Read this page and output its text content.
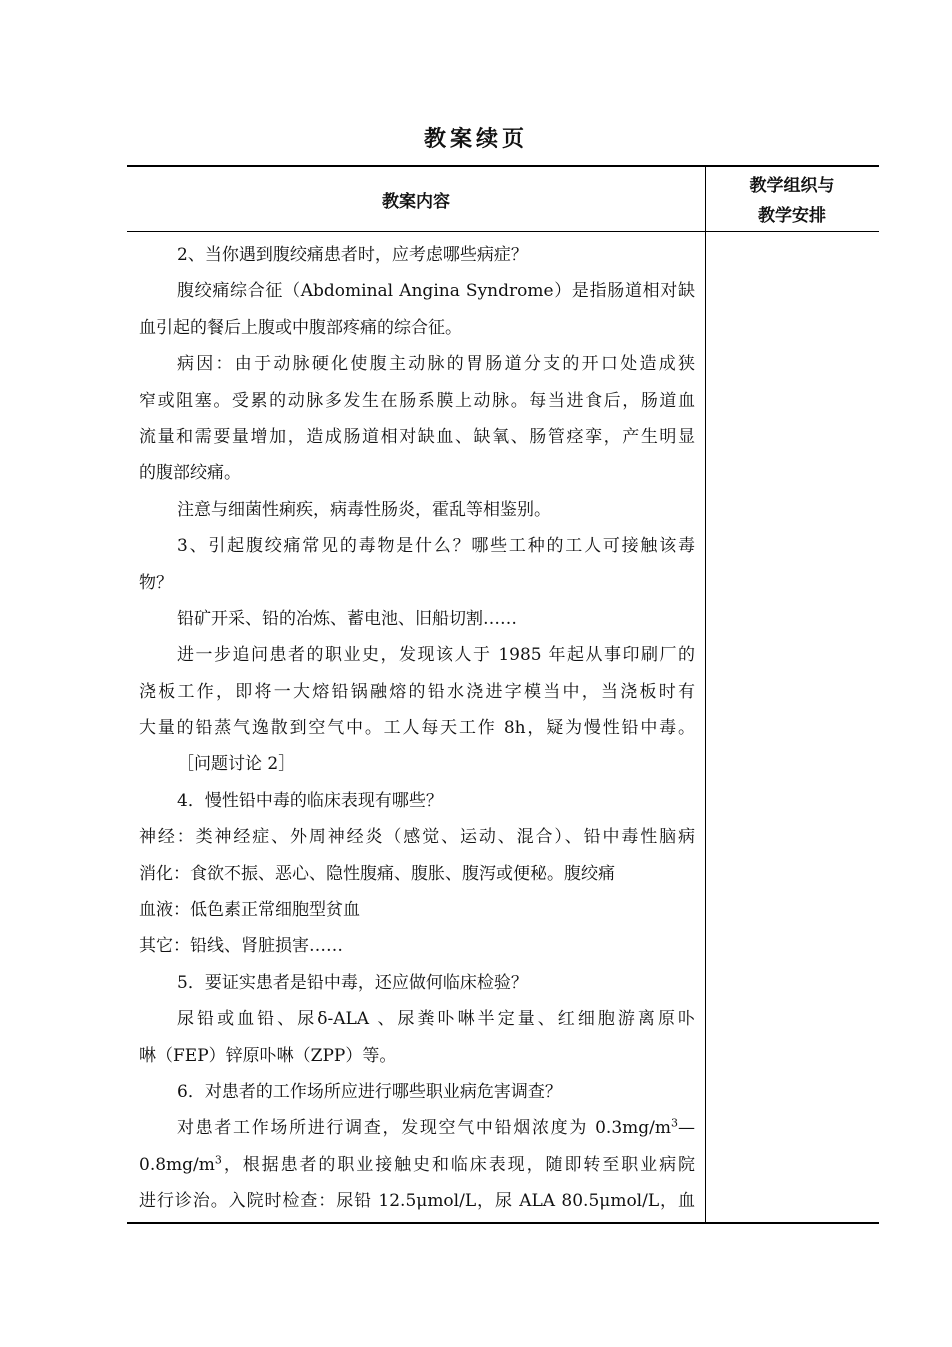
教案续页
教案内容
教学组织与
教学安排
2、当你遇到腹绞痛患者时，应考虑哪些病症？
腹绞痛综合征（Abdominal Angina Syndrome）是指肠道相对缺
血引起的餐后上腹或中腹部疼痛的综合征。
病因：由于动脉硬化使腹主动脉的胃肠道分支的开口处造成狭
窄或阻塞。受累的动脉多发生在肠系膜上动脉。每当进食后，肠道血
流量和需要量增加，造成肠道相对缺血、缺氧、肠管痉挛，产生明显
的腹部绞痛。
注意与细菌性痢疾，病毒性肠炎，霍乱等相鉴别。
3、引起腹绞痛常见的毒物是什么？哪些工种的工人可接触该毒
物？
铅矿开采、铅的冶炼、蓄电池、旧船切割……
进一步追问患者的职业史，发现该人于 1985 年起从事印刷厂的
浇板工作，即将一大熔铅锅融熔的铅水浇进字模当中，当浇板时有
大量的铅蒸气逸散到空气中。工人每天工作 8h，疑为慢性铅中毒。
［问题讨论 2］
4．慢性铅中毒的临床表现有哪些？
神经：类神经症、外周神经炎（感觉、运动、混合）、铅中毒性脑病
消化：食欲不振、恶心、隐性腹痛、腹胀、腹泻或便秘。腹绞痛
血液：低色素正常细胞型贫血
其它：铅线、肾脏损害……
5．要证实患者是铅中毒，还应做何临床检验？
尿铅或血铅、尿δ-ALA 、尿粪卟啉半定量、红细胞游离原卟
啉（FEP）锌原卟啉（ZPP）等。
6．对患者的工作场所应进行哪些职业病危害调查？
对患者工作场所进行调查，发现空气中铅烟浓度为 $0.3mg/m^3—$
$0.8mg/m^3$，根据患者的职业接触史和临床表现，随即转至职业病院
进行诊治。入院时检查：尿铅 12.5μmol/L，尿 ALA 80.5μmol/L，血
